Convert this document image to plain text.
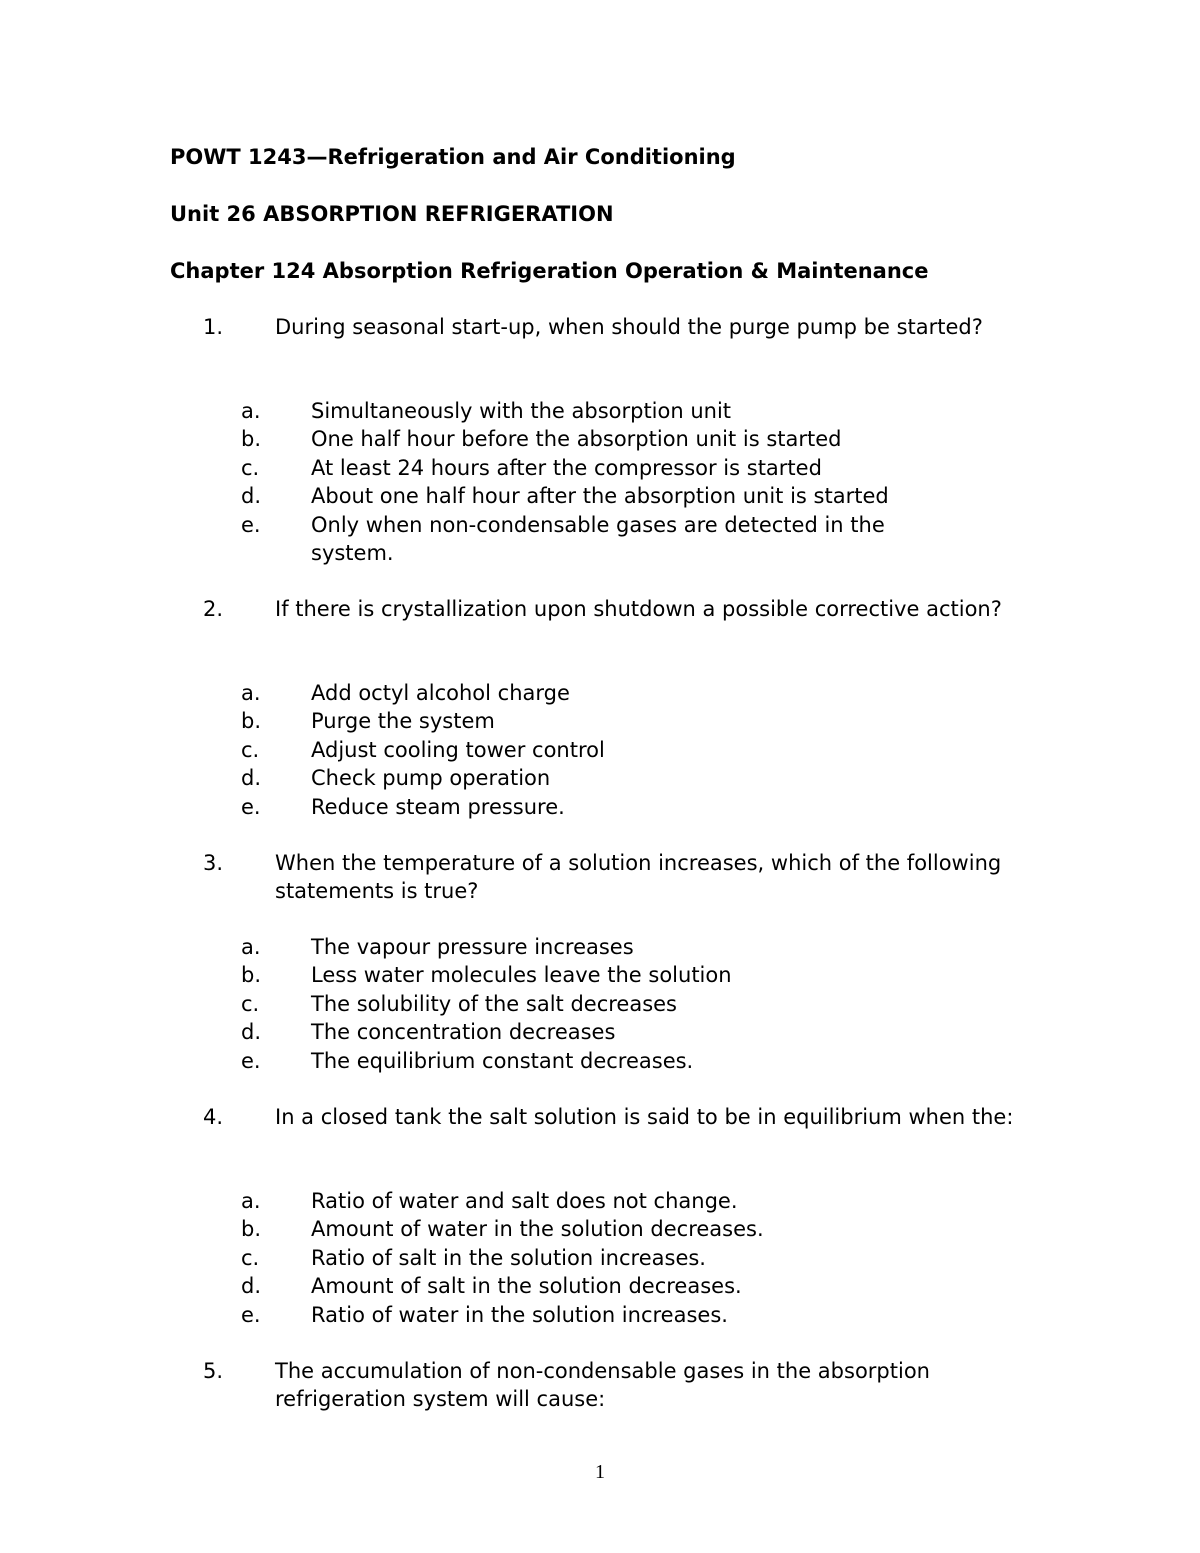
POWT 1243—Refrigeration and Air Conditioning
Unit 26 ABSORPTION REFRIGERATION
Chapter 124 Absorption Refrigeration Operation & Maintenance
1. During seasonal start-up, when should the purge pump be started?
a. Simultaneously with the absorption unit
b. One half hour before the absorption unit is started
c. At least 24 hours after the compressor is started
d. About one half hour after the absorption unit is started
e. Only when non-condensable gases are detected in the system.
2. If there is crystallization upon shutdown a possible corrective action?
a. Add octyl alcohol charge
b. Purge the system
c. Adjust cooling tower control
d. Check pump operation
e. Reduce steam pressure.
3. When the temperature of a solution increases, which of the following statements is true?
a. The vapour pressure increases
b. Less water molecules leave the solution
c. The solubility of the salt decreases
d. The concentration decreases
e. The equilibrium constant decreases.
4. In a closed tank the salt solution is said to be in equilibrium when the:
a. Ratio of water and salt does not change.
b. Amount of water in the solution decreases.
c. Ratio of salt in the solution increases.
d. Amount of salt in the solution decreases.
e. Ratio of water in the solution increases.
5. The accumulation of non-condensable gases in the absorption refrigeration system will cause:
1
